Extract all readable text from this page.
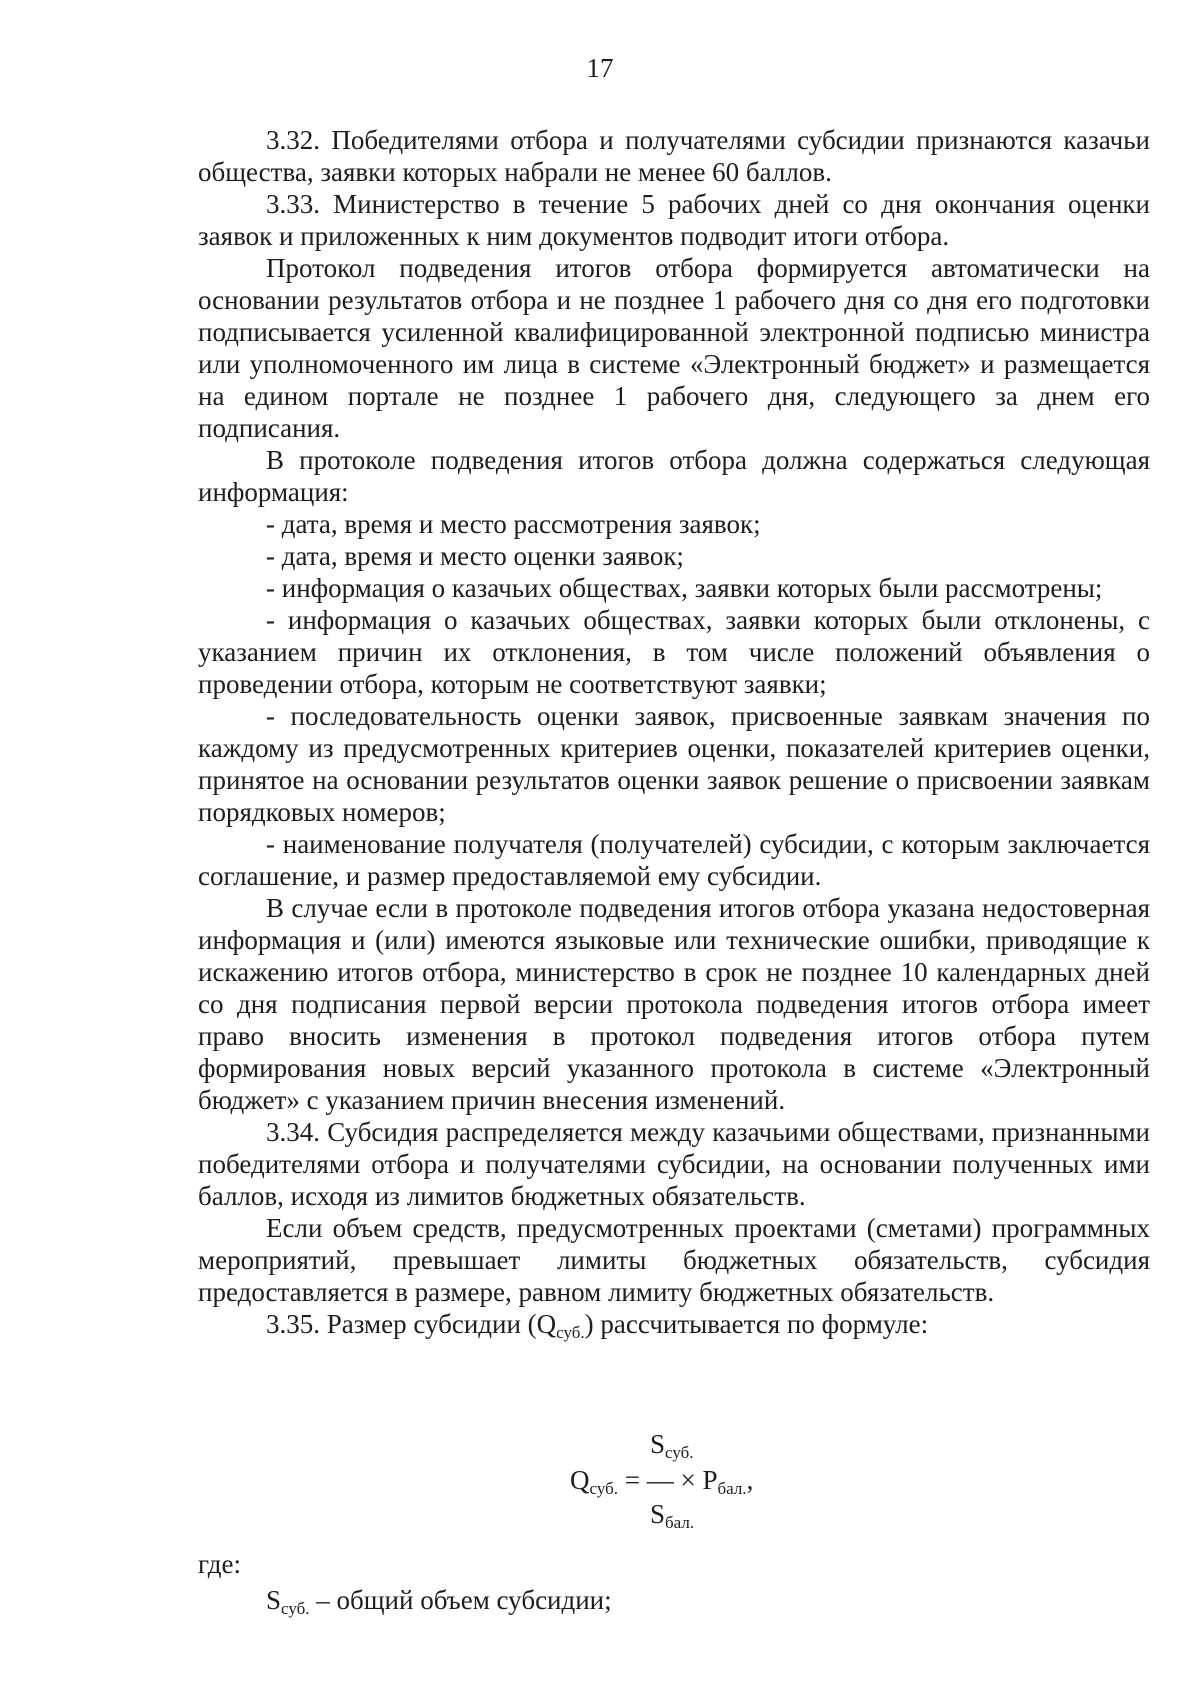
17

3.32. Победителями отбора и получателями субсидии признаются казачьи общества, заявки которых набрали не менее 60 баллов.

3.33. Министерство в течение 5 рабочих дней со дня окончания оценки заявок и приложенных к ним документов подводит итоги отбора.

Протокол подведения итогов отбора формируется автоматически на основании результатов отбора и не позднее 1 рабочего дня со дня его подготовки подписывается усиленной квалифицированной электронной подписью министра или уполномоченного им лица в системе «Электронный бюджет» и размещается на едином портале не позднее 1 рабочего дня, следующего за днем его подписания.

В протоколе подведения итогов отбора должна содержаться следующая информация:

- дата, время и место рассмотрения заявок;

- дата, время и место оценки заявок;

- информация о казачьих обществах, заявки которых были рассмотрены;

- информация о казачьих обществах, заявки которых были отклонены, с указанием причин их отклонения, в том числе положений объявления о проведении отбора, которым не соответствуют заявки;

- последовательность оценки заявок, присвоенные заявкам значения по каждому из предусмотренных критериев оценки, показателей критериев оценки, принятое на основании результатов оценки заявок решение о присвоении заявкам порядковых номеров;

- наименование получателя (получателей) субсидии, с которым заключается соглашение, и размер предоставляемой ему субсидии.

В случае если в протоколе подведения итогов отбора указана недостоверная информация и (или) имеются языковые или технические ошибки, приводящие к искажению итогов отбора, министерство в срок не позднее 10 календарных дней со дня подписания первой версии протокола подведения итогов отбора имеет право вносить изменения в протокол подведения итогов отбора путем формирования новых версий указанного протокола в системе «Электронный бюджет» с указанием причин внесения изменений.

3.34. Субсидия распределяется между казачьими обществами, признанными победителями отбора и получателями субсидии, на основании полученных ими баллов, исходя из лимитов бюджетных обязательств.

Если объем средств, предусмотренных проектами (сметами) программных мероприятий, превышает лимиты бюджетных обязательств, субсидия предоставляется в размере, равном лимиту бюджетных обязательств.

3.35. Размер субсидии $(Q_{суб.})$ рассчитывается по формуле:

$S_{суб.}$
$Q_{суб.}$ = — × $P_{бал.}$,
$S_{бал.}$
где:
$S_{суб.}$ – общий объем субсидии;
